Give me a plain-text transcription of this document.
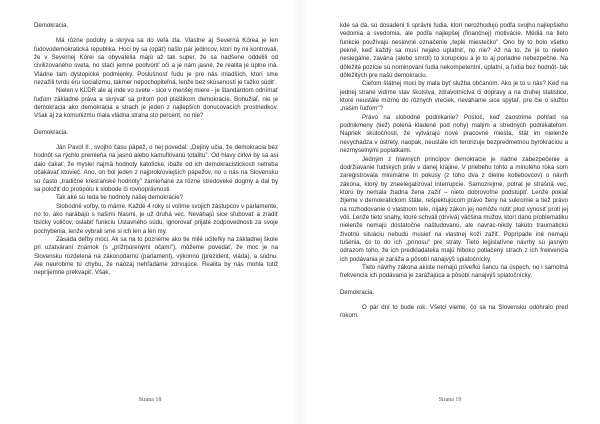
Demokracia.

Má rôzne podoby a skrýva sa do veľa zla. Vlastne aj Severná Kórea je len ľudovodemokratická republika. Hoci by sa (opäť) našlo pár jedincov, ktorí by mi kontrovali, že v Severnej Kórei sa obyvatelia majú až tak super, že sa nadšene oddelili od civilizovaného sveta, no stačí jemne pootvoriť oči a je nám jasné, že realita je úplne iná. Vládne tam dystopické podmienky. Poslušnosť ľudu je pre nás mladších, ktorí sme nezažili tvrdú éru socializmu, takmer nepochopiteľná, lenže bez skúseností je ťažko súdiť.

Nielen v KĽDR ale aj inde vo svete - sice v menšej miere - je štandardom odnímať ľuďom základné práva a skrývať sa pritom pod pláštikom demokracie. Bohužiaľ, nie je demokracia ako demokracia a strach je jeden z najlepších donucovacích prostriedkov. Však aj za komunizmu mala vládna strana sto percent, no nie?

Demokracia.

Ján Pavol II., svojho času pápež, o nej povedal: „Dejiny učia, že demokracia bez hodnôt sa rýchlo premieňa na jasnú alebo kamuflovanú totalitu". Od hlavy cirkvi by sa asi dalo čakať, že myslel najmä hodnoty katolícke, ibaže od ich demokracistickosti netreba očakávať ktovieč. Ano, on bol jeden z najprokroviejších pápežov, no u nás na Slovensku sú často „tradičné kresťanské hodnoty" zamieňané za rôzne stredoveké dogmy a dal by sa položiť do protipólu k slobode či rovnoprávnosti.

Tak aké sú teda tie hodnoty našej demokracie?

Slobodné voľby, to máme. Každé 4 roky si volíme svojich zástupcov v parlamente, no to, ako narábajú s našimi hlasmi, je už druhá vec. Neváhajú sice sľubovať a zradiť tisícky voličov, oslabiť funkciu Ústavného súdu, ignorovať prijaté zodpovednosti za svoje pochybenia, lenže vybrali sme si ich len a len my.

Zásada deľby moci. Ak sa na to pozrieme ako tie milé učiteľky na základnej škole pri uzatváraní známok (s „prižmúrenými očami"), môžeme povedať, že moc je na Slovensku rozdelená na zákonodarnú (parlament), výkonnú (prezident, vláda), a súdnu. Ale neurobme tú chybu, že naozaj nehľadáme zdrvujúce. Realita by nás mohla totiž nepríjemne prekvapiť. Však,

Strana 18

kde sa dá, sú dosadení ti správni ľudia, ktorí nerozhodujú podľa svojho najlepšieho vedomia a svedomia, ale podľa najlepšej (finančnej) motivácie. Médiá na tieto funkcie používajú neslovné označenie „teplé miestečko". Ono by to bolo všetko pekné, keď každý sa musí nejako uplatniť, no nie? Až na to, že je to nielen neslegálne, zavána (alebo smrdí) to korupciou a je to aj poriadne nebezpečné. Na dôležité pozície sú nominovaní ľudia nekompetentní, úplatní, a ľudia bez hodnôt- tak dôležitých pre našu demokraciu.

Ciefom štátnej moci by mala byť služba občanom. Ako je to u nás? Keď na jednej strane vidíme stav školstva, zdravotníctva či dopravy a na druhej statistice, ktoré neustále mizmú do rôznych vreciek, neváhame sice spýtať, pre čie o službu „našim ľuďom"?

Právo na slobodné podnikanie? Postoč, keď zaostrime pohľad na podnikmeny (tiež) polená kladené pod nohy) malým a stredných podnikateľom. Napriek skutočnosti, že vytvárajú nové pracovné miesta, štát im nielenže nevychádza v ústrety, naopak, neustále ich terorizuje bezpredmetnou byrokraciou a nezmyselnými poplatkami.

Jedným z hlavných princípov demokracie je riadne zabezpečenie a dodržiavanie ľudských práv v danej krajine. V priebehu tohto a minulého roka som zaregistrovala minimálne tri pokusy (z toho dva z dielne kotlebovcov) o návrh zákona, ktorý by zneelegalizoval interrupcie. Samozrejme, potrat je strašná vec, ktorú by nemala žiadna žena zažiť – nieto dobrovoľne podstúpiť. Lenže pokiaľ žijeme v demokratickom štáte, rešpektujúcom právo ženy na sukromie a tiež právo na rozhodovanie o vlastnom tele, nijaký zákon jej nemôže nútiť plod vynosiť proti jej vôli. Lenže tieto snahy, ktoré schváli (drvivá) väčšina mužov, ktorí danú problematiku nielenže nemajú dostatočne naštudovanú, ale navrac-nikdy takúto traumatickú životnú situáciu nebudú musieť na vlastnej koži zažiť. Poprípade iné nemajú tušenia, čo to do ich „prínosu" pre stráty. Tieto legislatívne návrhy sú jasným odrazom toho, že ich predkladatelia majú hlboko potlačený strach z ich frekvencia ich podávania je zaráža a pôsobí nanajvýš spiatočnícky.

Tieto návrhy zákona akiste nemajú privefkú šancu na úspech, no i samotná frekvencia ich podávania je zarážajúca a pôsobí nanajvýš spiatočnícky.

Demokracia.

O pár dní to bude rok. Všetci vieme, čo sa na Slovensku odohralo pred rokom.

Strana 19
